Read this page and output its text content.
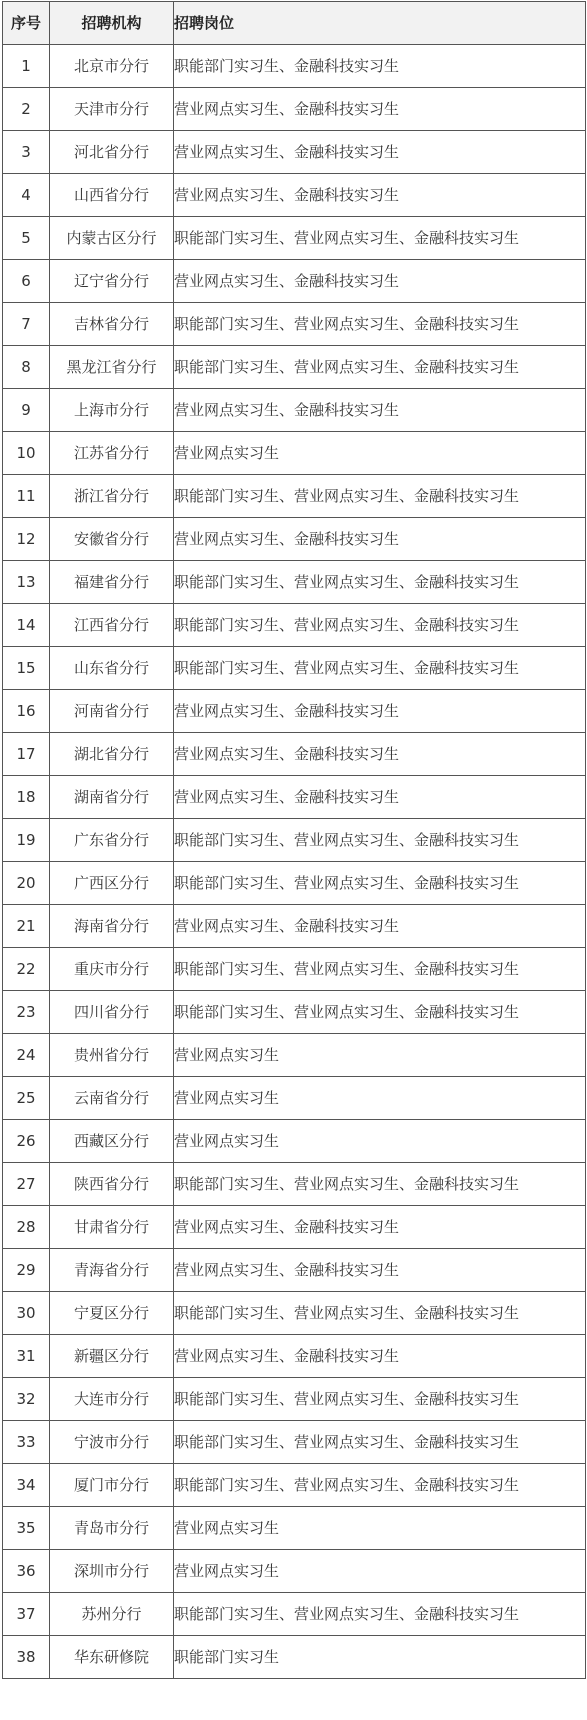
序号	招聘机构	招聘岗位
1	北京市分行	职能部门实习生、金融科技实习生
2	天津市分行	营业网点实习生、金融科技实习生
3	河北省分行	营业网点实习生、金融科技实习生
4	山西省分行	营业网点实习生、金融科技实习生
5	内蒙古区分行	职能部门实习生、营业网点实习生、金融科技实习生
6	辽宁省分行	营业网点实习生、金融科技实习生
7	吉林省分行	职能部门实习生、营业网点实习生、金融科技实习生
8	黑龙江省分行	职能部门实习生、营业网点实习生、金融科技实习生
9	上海市分行	营业网点实习生、金融科技实习生
10	江苏省分行	营业网点实习生
11	浙江省分行	职能部门实习生、营业网点实习生、金融科技实习生
12	安徽省分行	营业网点实习生、金融科技实习生
13	福建省分行	职能部门实习生、营业网点实习生、金融科技实习生
14	江西省分行	职能部门实习生、营业网点实习生、金融科技实习生
15	山东省分行	职能部门实习生、营业网点实习生、金融科技实习生
16	河南省分行	营业网点实习生、金融科技实习生
17	湖北省分行	营业网点实习生、金融科技实习生
18	湖南省分行	营业网点实习生、金融科技实习生
19	广东省分行	职能部门实习生、营业网点实习生、金融科技实习生
20	广西区分行	职能部门实习生、营业网点实习生、金融科技实习生
21	海南省分行	营业网点实习生、金融科技实习生
22	重庆市分行	职能部门实习生、营业网点实习生、金融科技实习生
23	四川省分行	职能部门实习生、营业网点实习生、金融科技实习生
24	贵州省分行	营业网点实习生
25	云南省分行	营业网点实习生
26	西藏区分行	营业网点实习生
27	陕西省分行	职能部门实习生、营业网点实习生、金融科技实习生
28	甘肃省分行	营业网点实习生、金融科技实习生
29	青海省分行	营业网点实习生、金融科技实习生
30	宁夏区分行	职能部门实习生、营业网点实习生、金融科技实习生
31	新疆区分行	营业网点实习生、金融科技实习生
32	大连市分行	职能部门实习生、营业网点实习生、金融科技实习生
33	宁波市分行	职能部门实习生、营业网点实习生、金融科技实习生
34	厦门市分行	职能部门实习生、营业网点实习生、金融科技实习生
35	青岛市分行	营业网点实习生
36	深圳市分行	营业网点实习生
37	苏州分行	职能部门实习生、营业网点实习生、金融科技实习生
38	华东研修院	职能部门实习生
